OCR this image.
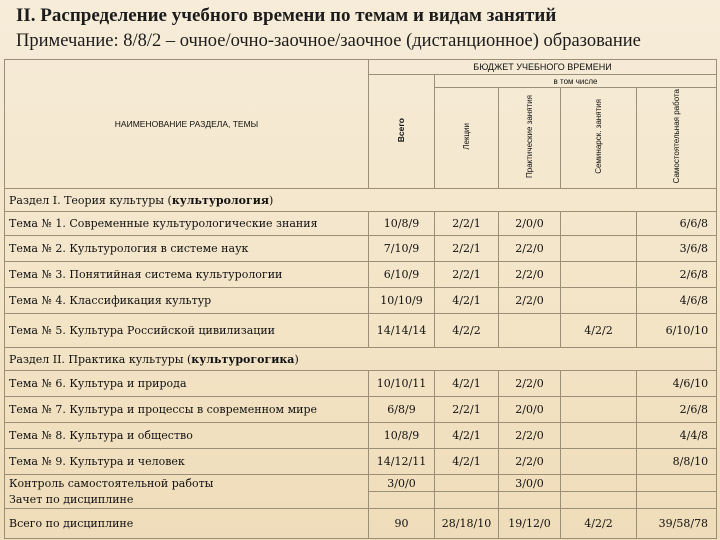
II. Распределение учебного времени по темам и видам занятий
Примечание: 8/8/2 – очное/очно-заочное/заочное (дистанционное) образование
НАИМЕНОВАНИЕ РАЗДЕЛА, ТЕМЫ	БЮДЖЕТ УЧЕБНОГО ВРЕМЕНИ				
	Всего	в том числе			
		Лекции	Практические занятия	Семинарск. занятия	Самостоятельная работа
Раздел I. Теория культуры (культурология)					
Тема № 1. Современные культурологические знания	10/8/9	2/2/1	2/0/0		6/6/8
Тема № 2. Культурология в системе наук	7/10/9	2/2/1	2/2/0		3/6/8
Тема № 3. Понятийная система культурологии	6/10/9	2/2/1	2/2/0		2/6/8
Тема № 4. Классификация культур	10/10/9	4/2/1	2/2/0		4/6/8
Тема № 5. Культура Российской цивилизации	14/14/14	4/2/2		4/2/2	6/10/10
Раздел II. Практика культуры (культурогогика)					
Тема № 6. Культура и природа	10/10/11	4/2/1	2/2/0		4/6/10
Тема № 7. Культура и процессы в современном мире	6/8/9	2/2/1	2/0/0		2/6/8
Тема № 8. Культура и общество	10/8/9	4/2/1	2/2/0		4/4/8
Тема № 9. Культура и человек	14/12/11	4/2/1	2/2/0		8/8/10
Контроль самостоятельной работы	3/0/0		3/0/0		
Зачет по дисциплине					
Всего по дисциплине	90	28/18/10	19/12/0	4/2/2	39/58/78
